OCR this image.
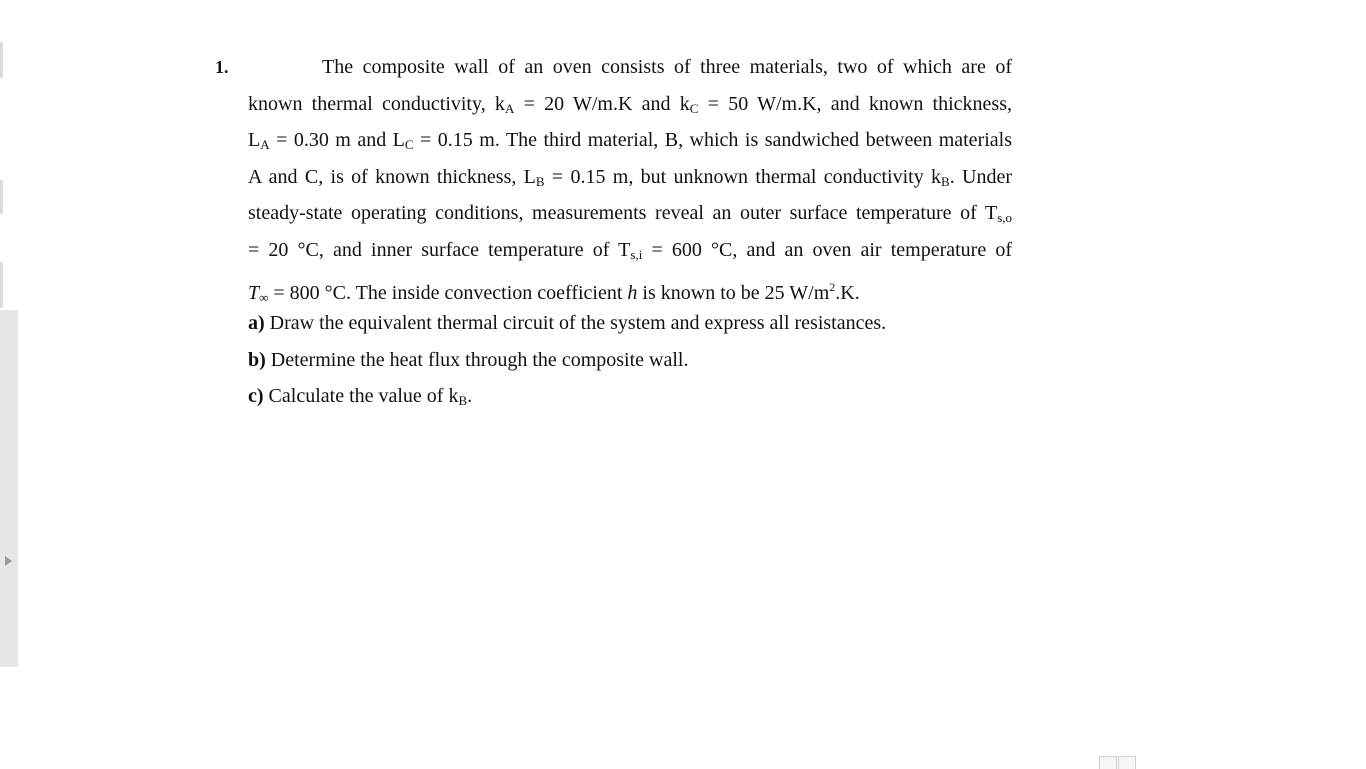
1.	The composite wall of an oven consists of three materials, two of which are of
known thermal conductivity, $k_A = 20$ W/m.K and $k_C = 50$ W/m.K, and known thickness,
$L_A = 0.30$ m and $L_C = 0.15$ m. The third material, B, which is sandwiched between materials
A and C, is of known thickness, $L_B = 0.15$ m, but unknown thermal conductivity $k_B$. Under
steady-state operating conditions, measurements reveal an outer surface temperature of $T_{s,o}$
= 20 °C, and inner surface temperature of $T_{s,i} = 600$ °C, and an oven air temperature of
$T_\infty = 800$ °C. The inside convection coefficient h is known to be 25 $W/m^2.K$.
a) Draw the equivalent thermal circuit of the system and express all resistances.
b) Determine the heat flux through the composite wall.
c) Calculate the value of $k_B$.
